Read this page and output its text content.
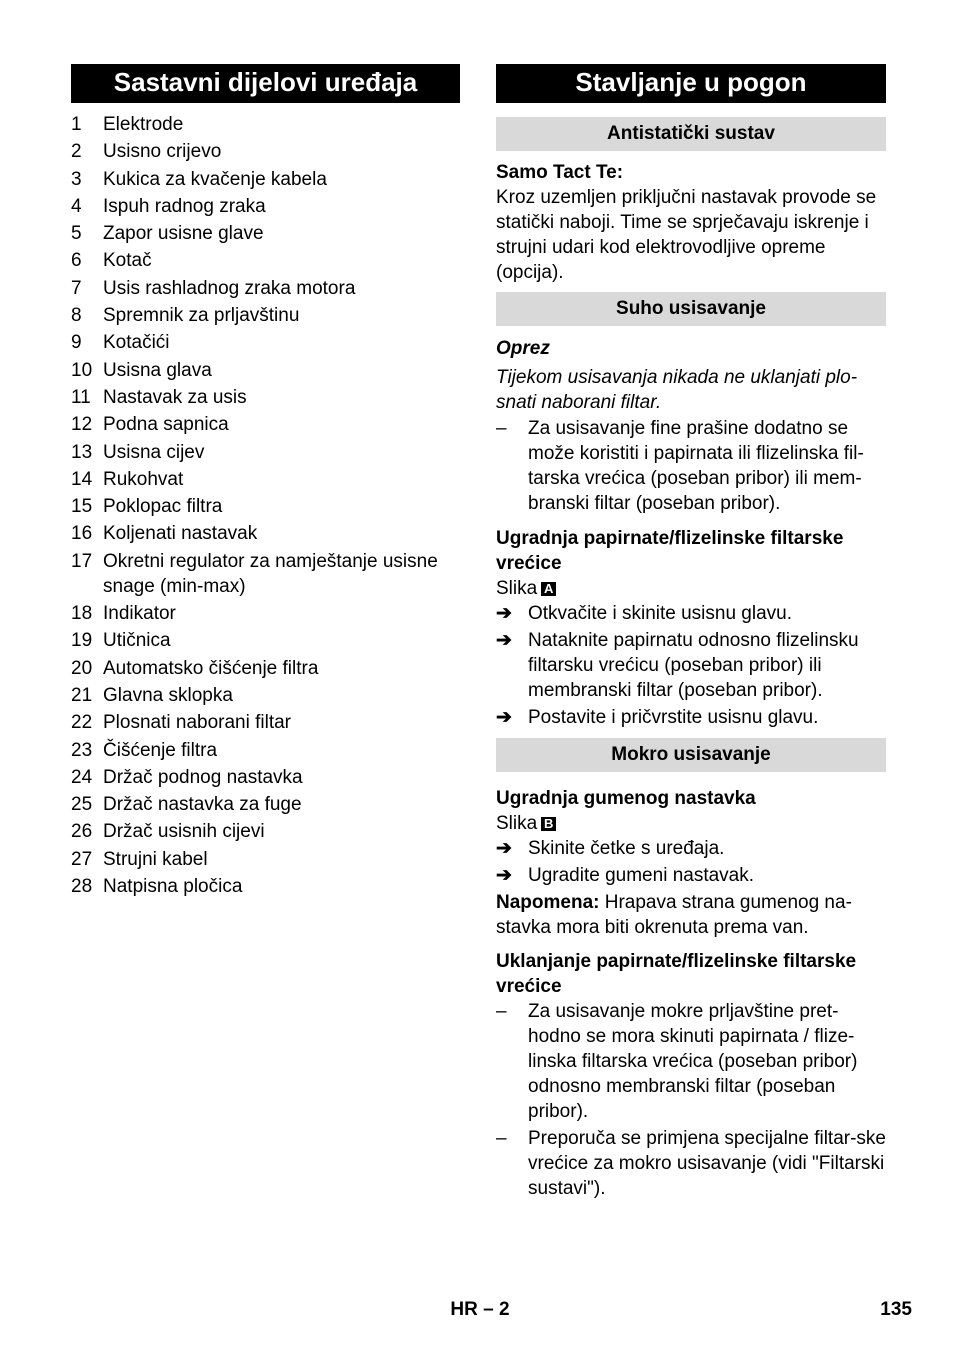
Sastavni dijelovi uređaja
1	Elektrode
2	Usisno crijevo
3	Kukica za kvačenje kabela
4	Ispuh radnog zraka
5	Zapor usisne glave
6	Kotač
7	Usis rashladnog zraka motora
8	Spremnik za prljavštinu
9	Kotačići
10 Usisna glava
11 Nastavak za usis
12 Podna sapnica
13 Usisna cijev
14 Rukohvat
15 Poklopac filtra
16 Koljenati nastavak
17 Okretni regulator za namještanje usisne snage (min-max)
18 Indikator
19 Utičnica
20 Automatsko čišćenje filtra
21 Glavna sklopka
22 Plosnati naborani filtar
23 Čišćenje filtra
24 Držač podnog nastavka
25 Držač nastavka za fuge
26 Držač usisnih cijevi
27 Strujni kabel
28 Natpisna pločica
Stavljanje u pogon
Antistatički sustav

Samo Tact Te:

Kroz uzemljen priključni nastavak provode se statički naboji. Time se sprječavaju iskrenje i strujni udari kod elektrovodljive opreme (opcija).

Suho usisavanje

Oprez

Tijekom usisavanja nikada ne uklanjati plo-snati naborani filtar.

–	Za usisavanje fine prašine dodatno se može koristiti i papirnata ili flizelinska fil-tarska vrećica (poseban pribor) ili mem-branski filtar (poseban pribor).

Ugradnja papirnate/flizelinske filtarske vrećice

Slika A

➔ Otkvačite i skinite usisnu glavu.
➔ Nataknite papirnatu odnosno flizelinsku filtarsku vrećicu (poseban pribor) ili membranski filtar (poseban pribor).
➔ Postavite i pričvrstite usisnu glavu.
Mokro usisavanje

Ugradnja gumenog nastavka

Slika B

➔ Skinite četke s uređaja.
➔ Ugradite gumeni nastavak.

Napomena: Hrapava strana gumenog na-stavka mora biti okrenuta prema van.

Uklanjanje papirnate/flizelinske filtarske vrećice

–	Za usisavanje mokre prljavštine pret-hodno se mora skinuti papirnata / flize-linska filtarska vrećica (poseban pribor) odnosno membranski filtar (poseban pribor).
–	Preporuča se primjena specijalne filtar-ske vrećice za mokro usisavanje (vidi "Filtarski sustavi").
HR – 2	135
